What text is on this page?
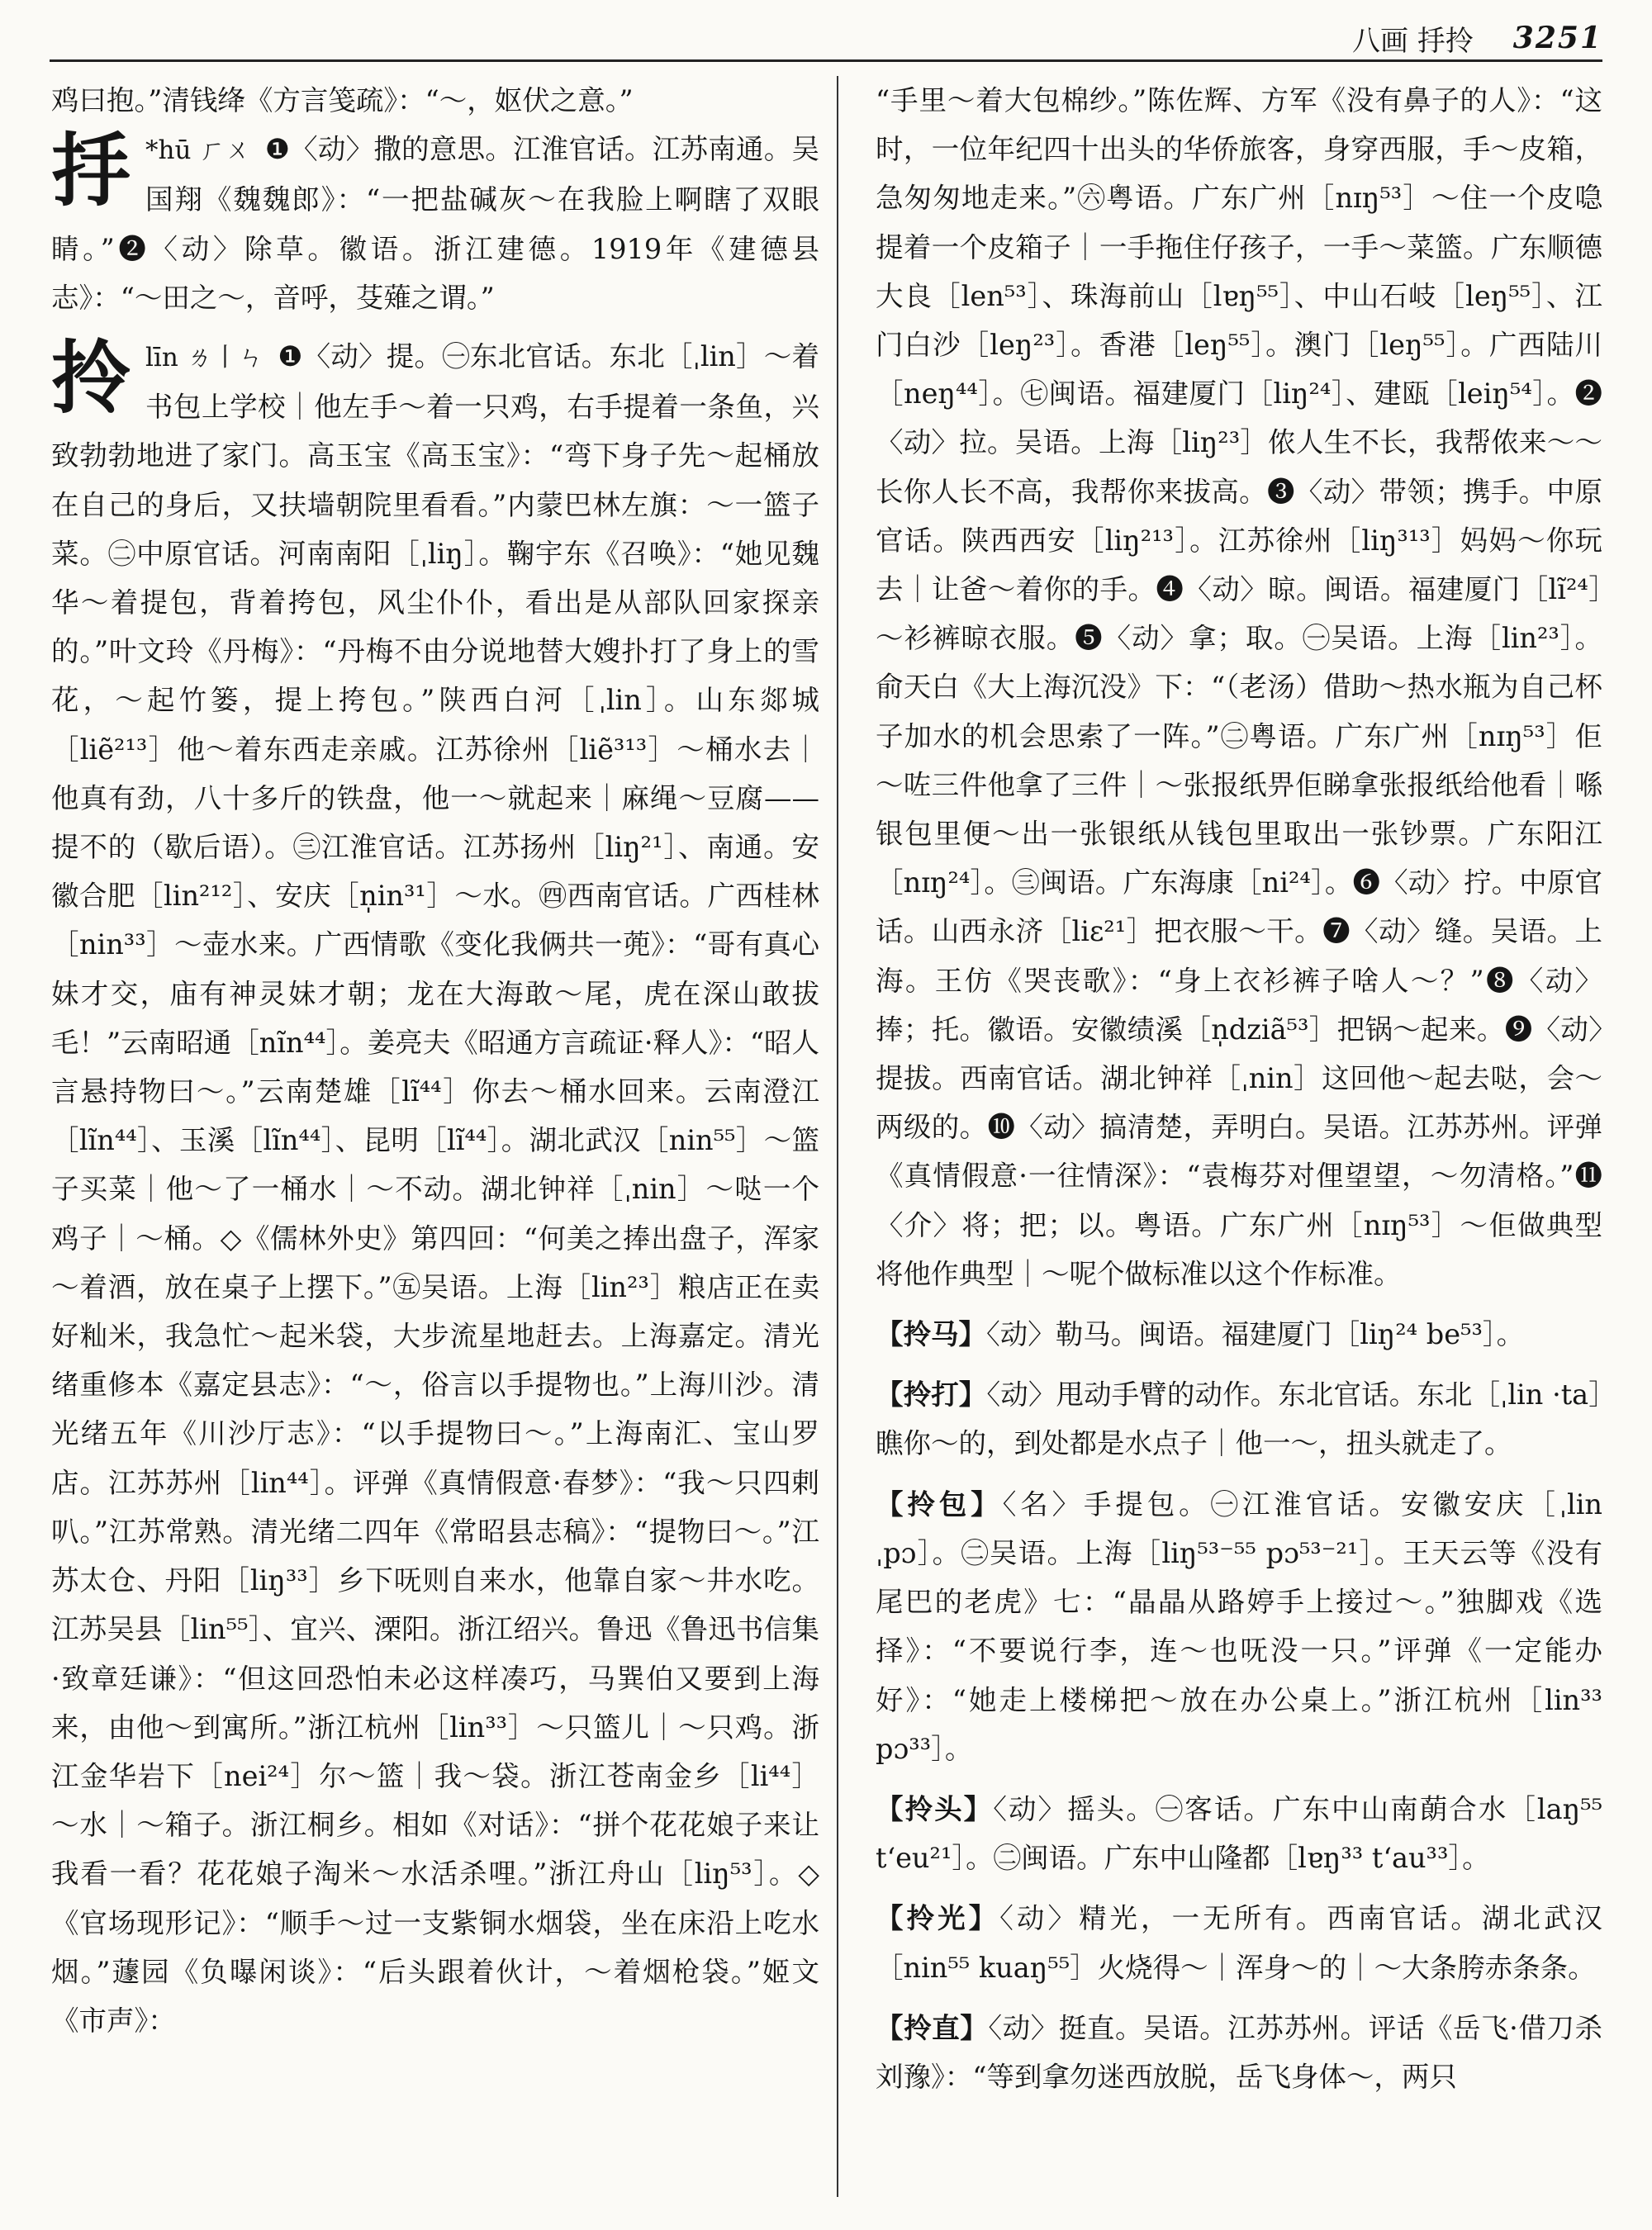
八画 抙拎 3251

鸡曰抱。”清钱绛《方言笺疏》：“～，妪伏之意。”

抙 *hū ㄏㄨ ❶〈动〉撒的意思。江淮官话。江苏南通。吴国翔《魏魏郎》：“一把盐碱灰～在我脸上啊瞎了双眼睛。”❷〈动〉除草。徽语。浙江建德。1919年《建德县志》：“～田之～，音呼，芟薙之谓。”
拎 līn ㄌ丨ㄣ ❶〈动〉提。㊀东北官话。东北［ˌlin］～着书包上学校｜他左手～着一只鸡，右手提着一条鱼，兴致勃勃地进了家门。高玉宝《高玉宝》：“弯下身子先～起桶放在自己的身后，又扶墙朝院里看看。”内蒙巴林左旗：～一篮子菜。㊁中原官话。河南南阳［ˌliŋ］。鞠宇东《召唤》：“她见魏华～着提包，背着挎包，风尘仆仆，看出是从部队回家探亲的。”叶文玲《丹梅》：“丹梅不由分说地替大嫂扑打了身上的雪花，～起竹篓，提上挎包。”陕西白河［ˌlin］。山东郯城［liẽ²¹³］他～着东西走亲戚。江苏徐州［liẽ³¹³］～桶水去｜他真有劲，八十多斤的铁盘，他一～就起来｜麻绳～豆腐——提不的（歇后语）。㊂江淮官话。江苏扬州［liŋ²¹］、南通。安徽合肥［lin²¹²］、安庆［n̩in³¹］～水。㊃西南官话。广西桂林［nin³³］～壶水来。广西情歌《变化我俩共一蔸》：“哥有真心妹才交，庙有神灵妹才朝；龙在大海敢～尾，虎在深山敢拔毛！”云南昭通［nĩn⁴⁴］。姜亮夫《昭通方言疏证·释人》：“昭人言悬持物曰～。”云南楚雄［lĩ⁴⁴］你去～桶水回来。云南澄江［lĩn⁴⁴］、玉溪［lĩn⁴⁴］、昆明［lĩ⁴⁴］。湖北武汉［nin⁵⁵］～篮子买菜｜他～了一桶水｜～不动。湖北钟祥［ˌnin］～哒一个鸡子｜～桶。◇《儒林外史》第四回：“何美之捧出盘子，浑家～着酒，放在桌子上摆下。”㊄吴语。上海［lin²³］粮店正在卖好籼米，我急忙～起米袋，大步流星地赶去。上海嘉定。清光绪重修本《嘉定县志》：“～，俗言以手提物也。”上海川沙。清光绪五年《川沙厅志》：“以手提物曰～。”上海南汇、宝山罗店。江苏苏州［lin⁴⁴］。评弹《真情假意·春梦》：“我～只四剌叭。”江苏常熟。清光绪二四年《常昭县志稿》：“提物曰～。”江苏太仓、丹阳［liŋ³³］乡下呒则自来水，他靠自家～井水吃。江苏吴县［lin⁵⁵］、宜兴、溧阳。浙江绍兴。鲁迅《鲁迅书信集·致章廷谦》：“但这回恐怕未必这样凑巧，马巽伯又要到上海来，由他～到寓所。”浙江杭州［lin³³］～只篮儿｜～只鸡。浙江金华岩下［nei²⁴］尔～篮｜我～袋。浙江苍南金乡［li⁴⁴］～水｜～箱子。浙江桐乡。相如《对话》：“拼个花花娘子来让我看一看？花花娘子淘米～水活杀哩。”浙江舟山［liŋ⁵³］。◇《官场现形记》：“顺手～过一支紫铜水烟袋，坐在床沿上吃水烟。”蘧园《负曝闲谈》：“后头跟着伙计，～着烟枪袋。”姬文《市声》：

“手里～着大包棉纱。”陈佐辉、方军《没有鼻子的人》：“这时，一位年纪四十出头的华侨旅客，身穿西服，手～皮箱，急匆匆地走来。”㊅粤语。广东广州［nɪŋ⁵³］～住一个皮喼提着一个皮箱子｜一手拖住仔孩子，一手～菜篮。广东顺德大良［len⁵³］、珠海前山［lɐŋ⁵⁵］、中山石岐［leŋ⁵⁵］、江门白沙［leŋ²³］。香港［leŋ⁵⁵］。澳门［leŋ⁵⁵］。广西陆川［neŋ⁴⁴］。㊆闽语。福建厦门［liŋ²⁴］、建瓯［leiŋ⁵⁴］。❷〈动〉拉。吴语。上海［liŋ²³］侬人生不长，我帮侬来～～长你人长不高，我帮你来拔高。❸〈动〉带领；携手。中原官话。陕西西安［liŋ²¹³］。江苏徐州［liŋ³¹³］妈妈～你玩去｜让爸～着你的手。❹〈动〉晾。闽语。福建厦门［lĩ²⁴］～衫裤晾衣服。❺〈动〉拿；取。㊀吴语。上海［lin²³］。俞天白《大上海沉没》下：“（老汤）借助～热水瓶为自己杯子加水的机会思索了一阵。”㊁粤语。广东广州［nɪŋ⁵³］佢～咗三件他拿了三件｜～张报纸畀佢睇拿张报纸给他看｜喺银包里便～出一张银纸从钱包里取出一张钞票。广东阳江［nɪŋ²⁴］。㊂闽语。广东海康［ni²⁴］。❻〈动〉拧。中原官话。山西永济［liɛ²¹］把衣服～干。❼〈动〉缝。吴语。上海。王仿《哭丧歌》：“身上衣衫裤子啥人～？”❽〈动〉捧；托。徽语。安徽绩溪［n̩dziã⁵³］把锅～起来。❾〈动〉提拔。西南官话。湖北钟祥［ˌnin］这回他～起去哒，会～两级的。❿〈动〉搞清楚，弄明白。吴语。江苏苏州。评弹《真情假意·一往情深》：“袁梅芬对俚望望，～勿清格。”⓫〈介〉将；把；以。粤语。广东广州［nɪŋ⁵³］～佢做典型将他作典型｜～呢个做标准以这个作标准。

【拎马】〈动〉勒马。闽语。福建厦门［liŋ²⁴ be⁵³］。

【拎打】〈动〉甩动手臂的动作。东北官话。东北［ˌlin ·ta］瞧你～的，到处都是水点子｜他一～，扭头就走了。

【拎包】〈名〉手提包。㊀江淮官话。安徽安庆［ˌlin ˌpɔ］。㊁吴语。上海［liŋ⁵³⁻⁵⁵ pɔ⁵³⁻²¹］。王天云等《没有尾巴的老虎》七：“晶晶从路婷手上接过～。”独脚戏《选择》：“不要说行李，连～也呒没一只。”评弹《一定能办好》：“她走上楼梯把～放在办公桌上。”浙江杭州［lin³³ pɔ³³］。

【拎头】〈动〉摇头。㊀客话。广东中山南蓢合水［laŋ⁵⁵ t‘eu²¹］。㊁闽语。广东中山隆都［lɐŋ³³ t‘au³³］。

【拎光】〈动〉精光，一无所有。西南官话。湖北武汉［nin⁵⁵ kuaŋ⁵⁵］火烧得～｜浑身～的｜～大条胯赤条条。

【拎直】〈动〉挺直。吴语。江苏苏州。评话《岳飞·借刀杀刘豫》：“等到拿勿迷西放脱，岳飞身体～，两只
